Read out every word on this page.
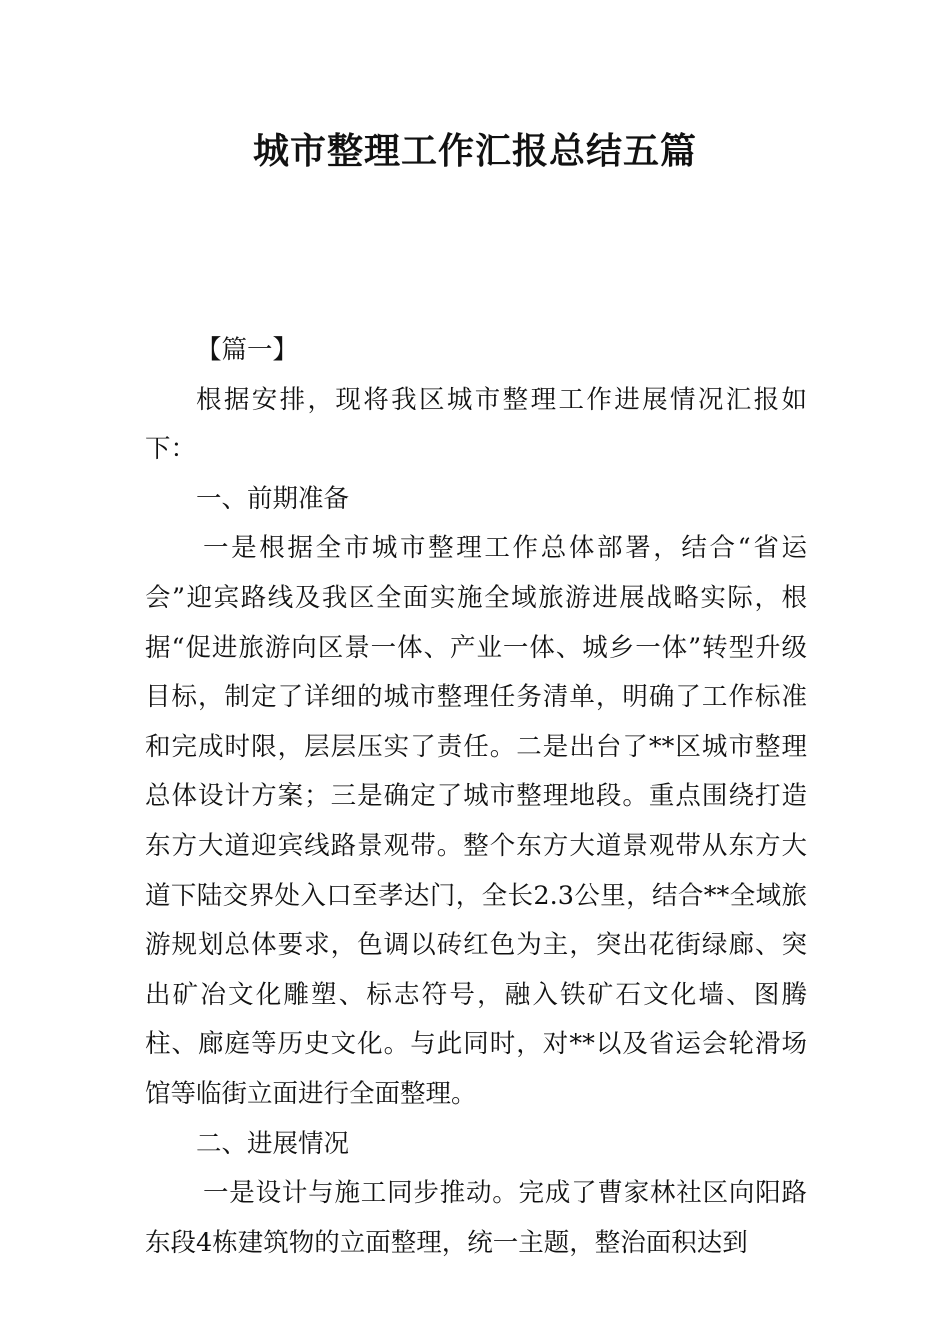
城市整理工作汇报总结五篇

【篇一】

根据安排，现将我区城市整理工作进展情况汇报如下：

一、前期准备

一是根据全市城市整理工作总体部署，结合“省运会”迎宾路线及我区全面实施全域旅游进展战略实际，根据“促进旅游向区景一体、产业一体、城乡一体”转型升级目标，制定了详细的城市整理任务清单，明确了工作标准和完成时限，层层压实了责任。二是出台了**区城市整理总体设计方案；三是确定了城市整理地段。重点围绕打造东方大道迎宾线路景观带。整个东方大道景观带从东方大道下陆交界处入口至孝达门，全长2.3公里，结合**全域旅游规划总体要求，色调以砖红色为主，突出花街绿廊、突出矿冶文化雕塑、标志符号，融入铁矿石文化墙、图腾柱、廊庭等历史文化。与此同时，对**以及省运会轮滑场馆等临街立面进行全面整理。

二、进展情况

一是设计与施工同步推动。完成了曹家林社区向阳路东段4栋建筑物的立面整理，统一主题，整治面积达到
